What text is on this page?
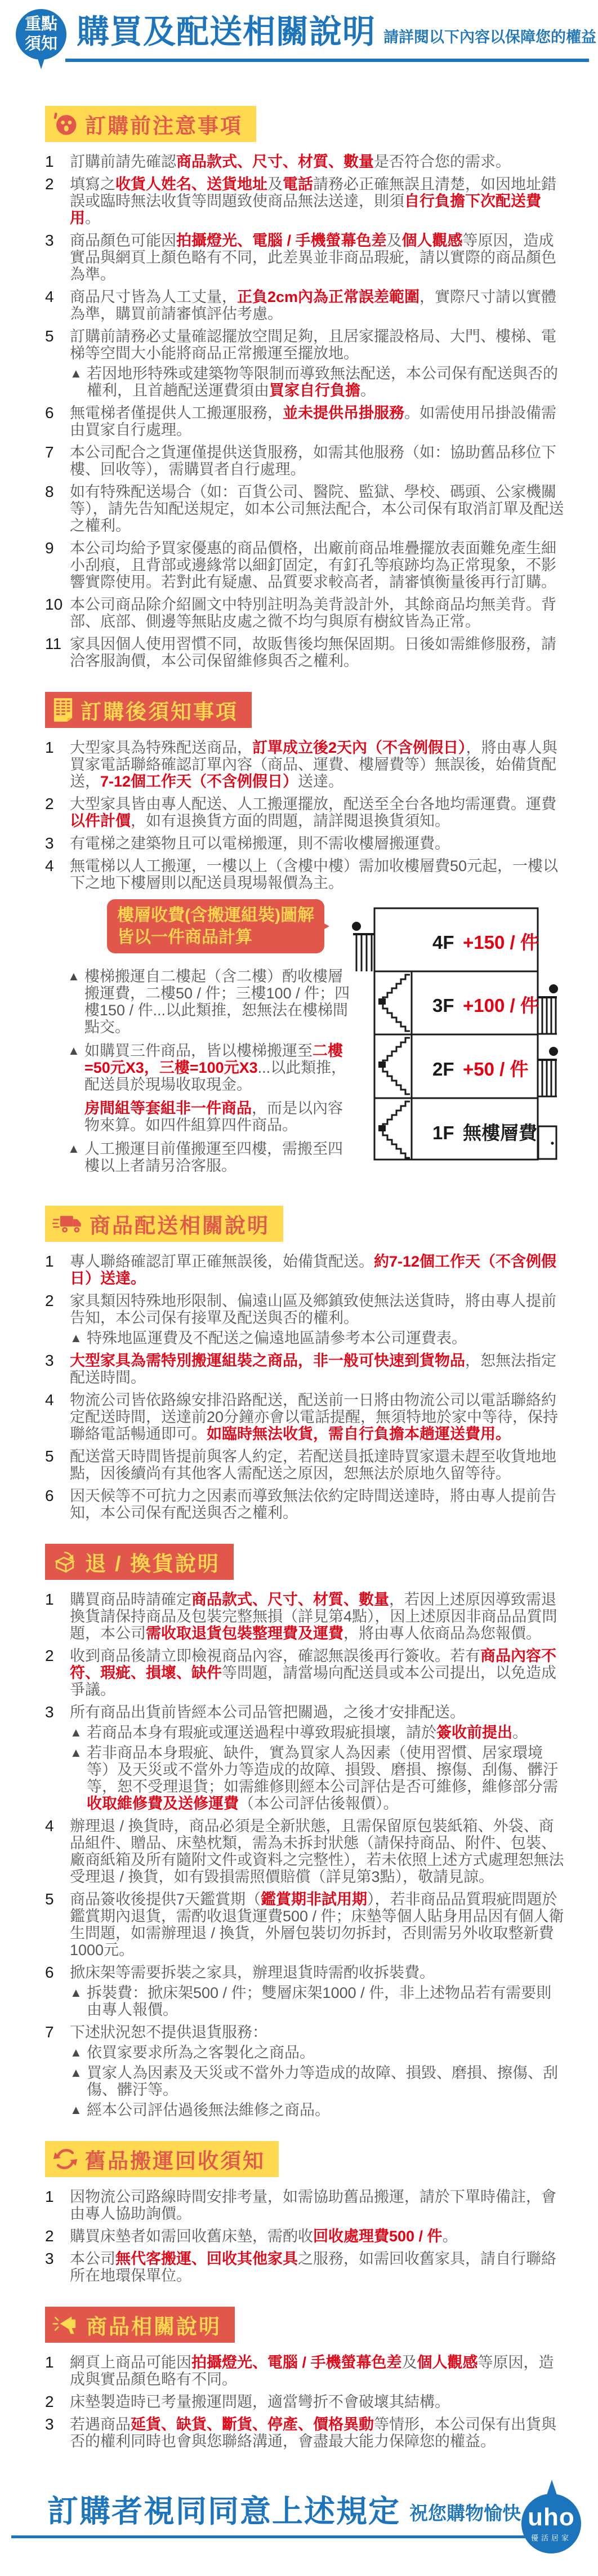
重點
須知 購買及配送相關說明 請詳閱以下內容以保障您的權益
訂購前注意事項
1	訂購前請先確認商品款式、尺寸、材質、數量是否符合您的需求。
2	填寫之收貨人姓名、送貨地址及電話請務必正確無誤且清楚，如因地址錯誤或臨時無法收貨等問題致使商品無法送達，則須自行負擔下次配送費用。
3	商品顏色可能因拍攝燈光、電腦 / 手機螢幕色差及個人觀感等原因，造成實品與網頁上顏色略有不同，此差異並非商品瑕疵，請以實際的商品顏色為準。
4	商品尺寸皆為人工丈量，正負2cm內為正常誤差範圍，實際尺寸請以實體為準，購買前請審慎評估考慮。
5	訂購前請務必丈量確認擺放空間足夠，且居家擺設格局、大門、樓梯、電梯等空間大小能將商品正常搬運至擺放地。
▲ 若因地形特殊或建築物等限制而導致無法配送，本公司保有配送與否的權利，且首趟配送運費須由買家自行負擔。
6	無電梯者僅提供人工搬運服務，並未提供吊掛服務。如需使用吊掛設備需由買家自行處理。
7	本公司配合之貨運僅提供送貨服務，如需其他服務（如：協助舊品移位下樓、回收等），需購買者自行處理。
8	如有特殊配送場合（如：百貨公司、醫院、監獄、學校、碼頭、公家機關等），請先告知配送規定，如本公司無法配合，本公司保有取消訂單及配送之權利。
9	本公司均給予買家優惠的商品價格，出廠前商品堆疊擺放表面難免產生細小刮痕，且背部或邊緣常以細釘固定，有釘孔等痕跡均為正常現象，不影響實際使用。若對此有疑慮、品質要求較高者，請審慎衡量後再行訂購。
10 本公司商品除介紹圖文中特別註明為美背設計外，其餘商品均無美背。背部、底部、側邊等無貼皮處之微不均勻與原有樹紋皆為正常。
11 家具因個人使用習慣不同，故販售後均無保固期。日後如需維修服務，請洽客服詢價，本公司保留維修與否之權利。
訂購後須知事項
1	大型家具為特殊配送商品，訂單成立後2天內（不含例假日），將由專人與買家電話聯絡確認訂單內容（商品、運費、樓層費等）無誤後，始備貨配送，7-12個工作天（不含例假日）送達。
2	大型家具皆由專人配送、人工搬運擺放，配送至全台各地均需運費。運費以件計價，如有退換貨方面的問題，請詳閱退換貨須知。
3	有電梯之建築物且可以電梯搬運，則不需收樓層搬運費。
4	無電梯以人工搬運，一樓以上（含樓中樓）需加收樓層費50元起，一樓以下之地下樓層則以配送員現場報價為主。
樓層收費(含搬運組裝)圖解
皆以一件商品計算
▲ 樓梯搬運自二樓起（含二樓）酌收樓層搬運費，二樓50 / 件；三樓100 / 件；四樓150 / 件...以此類推，恕無法在樓梯間點交。
▲ 如購買三件商品，皆以樓梯搬運至二樓=50元X3，三樓=100元X3...以此類推，配送員於現場收取現金。
房間組等套組非一件商品，而是以內容物來算。如四件組算四件商品。
▲ 人工搬運目前僅搬運至四樓，需搬至四樓以上者請另洽客服。
4F +150 / 件
3F +100 / 件
2F +50 / 件
1F 無樓層費
商品配送相關說明
1	專人聯絡確認訂單正確無誤後，始備貨配送。約7-12個工作天（不含例假日）送達。
2	家具類因特殊地形限制、偏遠山區及鄉鎮致使無法送貨時，將由專人提前告知，本公司保有接單及配送與否的權利。
▲ 特殊地區運費及不配送之偏遠地區請參考本公司運費表。
3	大型家具為需特別搬運組裝之商品，非一般可快速到貨物品，恕無法指定配送時間。
4	物流公司皆依路線安排沿路配送，配送前一日將由物流公司以電話聯絡約定配送時間，送達前20分鐘亦會以電話提醒，無須特地於家中等待，保持聯絡電話暢通即可。如臨時無法收貨，需自行負擔本趟運送費用。
5	配送當天時間皆提前與客人約定，若配送員抵達時買家還未趕至收貨地地點，因後續尚有其他客人需配送之原因，恕無法於原地久留等待。
6	因天候等不可抗力之因素而導致無法依約定時間送達時，將由專人提前告知，本公司保有配送與否之權利。
退 / 換貨說明
1	購買商品時請確定商品款式、尺寸、材質、數量，若因上述原因導致需退換貨請保持商品及包裝完整無損（詳見第4點），因上述原因非商品品質問題，本公司需收取退貨包裝整理費及運費，將由專人依商品為您報價。
2	收到商品後請立即檢視商品內容，確認無誤後再行簽收。若有商品內容不符、瑕疵、損壞、缺件等問題，請當場向配送員或本公司提出，以免造成爭議。
3	所有商品出貨前皆經本公司品管把關過，之後才安排配送。
▲ 若商品本身有瑕疵或運送過程中導致瑕疵損壞，請於簽收前提出。
▲ 若非商品本身瑕疵、缺件，實為買家人為因素（使用習慣、居家環境等）及天災或不當外力等造成的故障、損毀、磨損、擦傷、刮傷、髒汙等，恕不受理退貨；如需維修則經本公司評估是否可維修，維修部分需收取維修費及送修運費（本公司評估後報價）。
4	辦理退 / 換貨時，商品必須是全新狀態，且需保留原包裝紙箱、外袋、商品組件、贈品、床墊枕類，需為未拆封狀態（請保持商品、附件、包裝、廠商紙箱及所有隨附文件或資料之完整性），若未依照上述方式處理恕無法受理退 / 換貨，如有毀損需照價賠償（詳見第3點），敬請見諒。
5	商品簽收後提供7天鑑賞期（鑑賞期非試用期），若非商品品質瑕疵問題於鑑賞期內退貨，需酌收退貨運費500 / 件；床墊等個人貼身用品因有個人衛生問題，如需辦理退 / 換貨，外層包裝切勿拆封，否則需另外收取整新費1000元。
6	掀床架等需要拆裝之家具，辦理退貨時需酌收拆裝費。
▲ 拆裝費：掀床架500 / 件；雙層床架1000 / 件，非上述物品若有需要則由專人報價。
7	下述狀況恕不提供退貨服務：
▲ 依買家要求所為之客製化之商品。
▲ 買家人為因素及天災或不當外力等造成的故障、損毀、磨損、擦傷、刮傷、髒汙等。
▲ 經本公司評估過後無法維修之商品。
舊品搬運回收須知
1	因物流公司路線時間安排考量，如需協助舊品搬運，請於下單時備註，會由專人協助詢價。
2	購買床墊者如需回收舊床墊，需酌收回收處理費500 / 件。
3	本公司無代客搬運、回收其他家具之服務，如需回收舊家具，請自行聯絡所在地環保單位。
商品相關說明
1	網頁上商品可能因拍攝燈光、電腦 / 手機螢幕色差及個人觀感等原因，造成與實品顏色略有不同。
2	床墊製造時已考量搬運問題，適當彎折不會破壞其結構。
3	若遇商品延貨、缺貨、斷貨、停產、價格異動等情形，本公司保有出貨與否的權利同時也會與您聯絡溝通，會盡最大能力保障您的權益。
訂購者視同同意上述規定 祝您購物愉快 uho
優活居家
